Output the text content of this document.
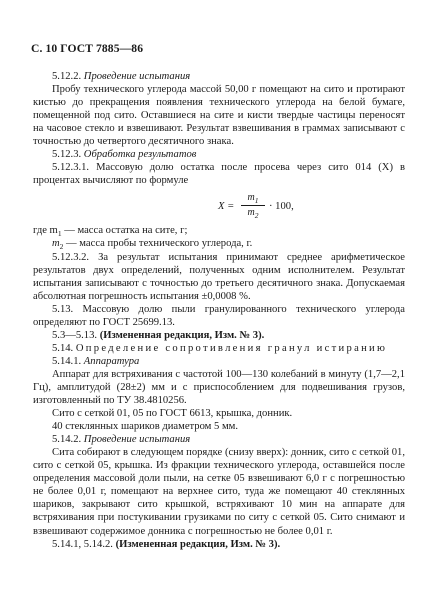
С. 10 ГОСТ 7885—86

5.12.2. Проведение испытания

Пробу технического углерода массой 50,00 г помещают на сито и протирают кистью до прекращения появления технического углерода на белой бумаге, помещенной под сито. Оставшиеся на сите и кисти твердые частицы переносят на часовое стекло и взвешивают. Результат взвешивания в граммах записывают с точностью до четвертого десятичного знака.

5.12.3. Обработка результатов

5.12.3.1. Массовую долю остатка после просева через сито 014 (X) в процентах вычисляют по формуле

X =
$m_1$
$m_2$
· 100,

где $m_1$ — масса остатка на сите, г;

$m_2$ — масса пробы технического углерода, г.

5.12.3.2. За результат испытания принимают среднее арифметическое результатов двух определений, полученных одним исполнителем. Результат испытания записывают с точностью до третьего десятичного знака. Допускаемая абсолютная погрешность испытания ±0,0008 %.

5.13. Массовую долю пыли гранулированного технического углерода определяют по ГОСТ 25699.13.

5.3—5.13. (Измененная редакция, Изм. № 3).

5.14. Определение сопротивления гранул истиранию

5.14.1. Аппаратура

Аппарат для встряхивания с частотой 100—130 колебаний в минуту (1,7—2,1 Гц), амплитудой (28±2) мм и с приспособлением для подвешивания грузов, изготовленный по ТУ 38.4810256.

Сито с сеткой 01, 05 по ГОСТ 6613, крышка, донник.

40 стеклянных шариков диаметром 5 мм.

5.14.2. Проведение испытания

Сита собирают в следующем порядке (снизу вверх): донник, сито с сеткой 01, сито с сеткой 05, крышка. Из фракции технического углерода, оставшейся после определения массовой доли пыли, на сетке 05 взвешивают 6,0 г с погрешностью не более 0,01 г, помещают на верхнее сито, туда же помещают 40 стеклянных шариков, закрывают сито крышкой, встряхивают 10 мин на аппарате для встряхивания при постукивании грузиками по ситу с сеткой 05. Сито снимают и взвешивают содержимое донника с погрешностью не более 0,01 г.

5.14.1, 5.14.2. (Измененная редакция, Изм. № 3).
